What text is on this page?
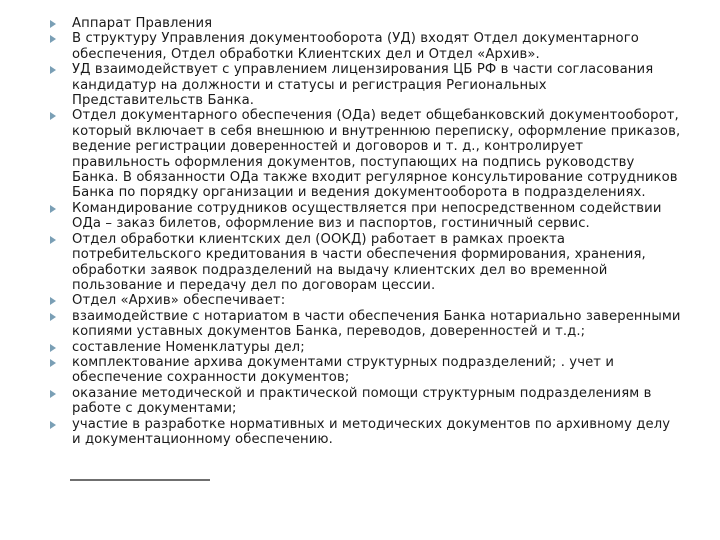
Аппарат Правления
В структуру Управления документооборота (УД) входят Отдел документарного обеспечения, Отдел обработки Клиентских дел и Отдел «Архив».
УД взаимодействует с управлением лицензирования ЦБ РФ в части согласования кандидатур на должности и статусы и регистрация Региональных Представительств Банка.
Отдел документарного обеспечения (ОДа) ведет общебанковский документооборот, который включает в себя внешнюю и внутреннюю переписку, оформление приказов, ведение регистрации доверенностей и договоров и т. д., контролирует правильность оформления документов, поступающих на подпись руководству Банка. В обязанности ОДа также входит регулярное консультирование сотрудников Банка по порядку организации и ведения документооборота в подразделениях.
Командирование сотрудников осуществляется при непосредственном содействии ОДа – заказ билетов, оформление виз и паспортов, гостиничный сервис.
Отдел обработки клиентских дел (ООКД) работает в рамках проекта потребительского кредитования в части обеспечения формирования, хранения, обработки заявок подразделений на выдачу клиентских дел во временной пользование и передачу дел по договорам цессии.
Отдел «Архив» обеспечивает:
взаимодействие с нотариатом в части обеспечения Банка нотариально заверенными копиями уставных документов Банка, переводов, доверенностей и т.д.;
составление Номенклатуры дел;
комплектование архива документами структурных подразделений; . учет и обеспечение сохранности документов;
оказание методической и практической помощи структурным подразделениям в работе с документами;
участие в разработке нормативных и методических документов по архивному делу и документационному обеспечению.
